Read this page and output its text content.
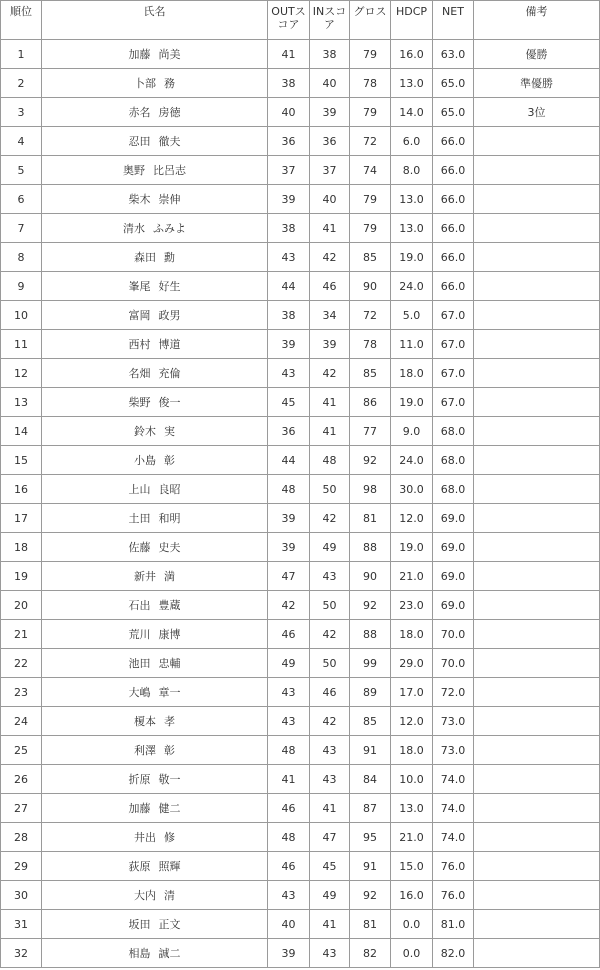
順位	氏名	OUTスコア	INスコア	グロス	HDCP	NET	備考
1	加藤 尚美	41	38	79	16.0	63.0	優勝
2	卜部 務	38	40	78	13.0	65.0	準優勝
3	赤名 房徳	40	39	79	14.0	65.0	3位
4	忍田 徹夫	36	36	72	6.0	66.0	
5	奥野 比呂志	37	37	74	8.0	66.0	
6	柴木 崇伸	39	40	79	13.0	66.0	
7	清水 ふみよ	38	41	79	13.0	66.0	
8	森田 勳	43	42	85	19.0	66.0	
9	峯尾 好生	44	46	90	24.0	66.0	
10	富岡 政男	38	34	72	5.0	67.0	
11	西村 博道	39	39	78	11.0	67.0	
12	名畑 充倫	43	42	85	18.0	67.0	
13	柴野 俊一	45	41	86	19.0	67.0	
14	鈴木 実	36	41	77	9.0	68.0	
15	小島 彰	44	48	92	24.0	68.0	
16	上山 良昭	48	50	98	30.0	68.0	
17	土田 和明	39	42	81	12.0	69.0	
18	佐藤 史夫	39	49	88	19.0	69.0	
19	新井 満	47	43	90	21.0	69.0	
20	石出 豊蔵	42	50	92	23.0	69.0	
21	荒川 康博	46	42	88	18.0	70.0	
22	池田 忠輔	49	50	99	29.0	70.0	
23	大嶋 章一	43	46	89	17.0	72.0	
24	榎本 孝	43	42	85	12.0	73.0	
25	利澤 彰	48	43	91	18.0	73.0	
26	折原 敬一	41	43	84	10.0	74.0	
27	加藤 健二	46	41	87	13.0	74.0	
28	井出 修	48	47	95	21.0	74.0	
29	荻原 照輝	46	45	91	15.0	76.0	
30	大内 清	43	49	92	16.0	76.0	
31	坂田 正文	40	41	81	0.0	81.0	
32	相島 誠二	39	43	82	0.0	82.0	
